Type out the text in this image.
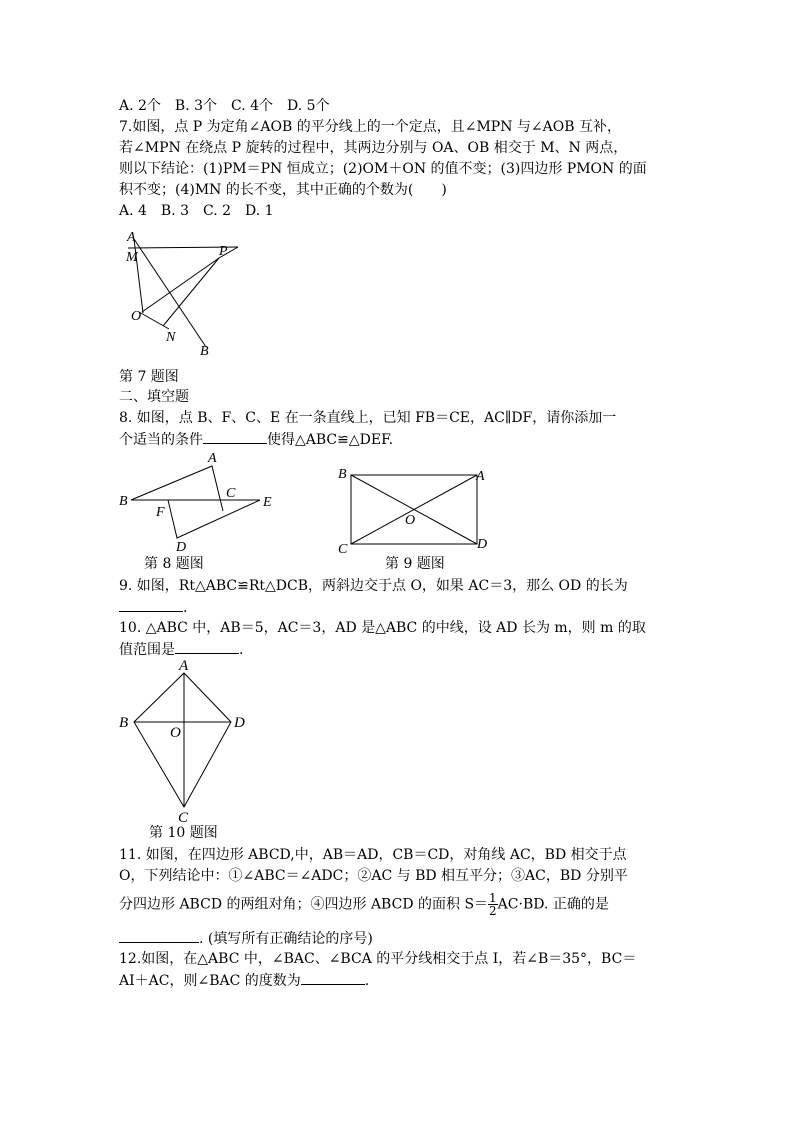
A. 2个　B. 3个　C. 4个　D. 5个
7.如图，点 P 为定角∠AOB 的平分线上的一个定点，且∠MPN 与∠AOB 互补，
若∠MPN 在绕点 P 旋转的过程中，其两边分别与 OA、OB 相交于 M、N 两点，
则以下结论：(1)PM＝PN 恒成立；(2)OM＋ON 的值不变；(3)四边形 PMON 的面
积不变；(4)MN 的长不变，其中正确的个数为(　　)
A. 4　B. 3　C. 2　D. 1
A
M	P
O
N
B
第 7 题图
二、填空题
8. 如图，点 B、F、C、E 在一条直线上，已知 FB＝CE，AC∥DF，请你添加一
个适当的条件	使得△ABC≌△DEF.
A
B
C
E
F
D
B	A
O
C	D
第 8 题图	第 9 题图
9. 如图，Rt△ABC≌Rt△DCB，两斜边交于点 O，如果 AC＝3，那么 OD 的长为
.
10. △ABC 中，AB＝5，AC＝3，AD 是△ABC 的中线，设 AD 长为 m，则 m 的取
值范围是	.
A
B
O
D
C
第 10 题图
11. 如图，在四边形 ABCD,中，AB＝AD，CB＝CD，对角线 AC，BD 相交于点
O，下列结论中：①∠ABC＝∠ADC；②AC 与 BD 相互平分；③AC，BD 分别平
分四边形 ABCD 的两组对角；④四边形 ABCD 的面积 $S= \frac{1}{2} AC\cdot BD$. 正确的是
. (填写所有正确结论的序号)
12.如图，在△ABC 中，∠BAC、∠BCA 的平分线相交于点 I，若∠B＝35°，BC＝
AI＋AC，则∠BAC 的度数为	.
